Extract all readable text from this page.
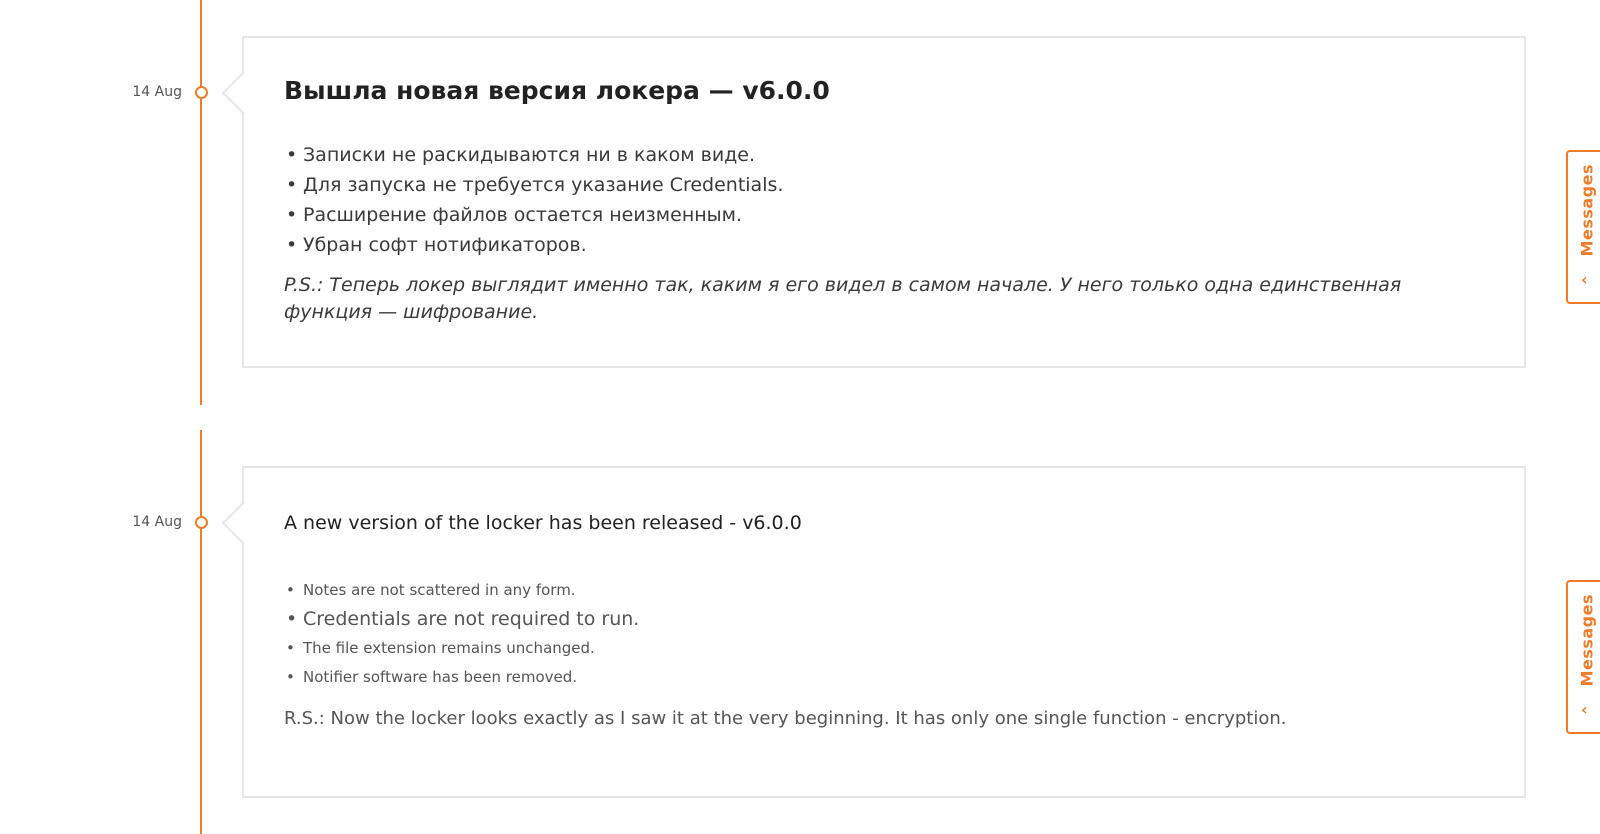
14 Aug	Вышла новая версия локера — v6.0.0
• Записки не раскидываются ни в каком виде.
• Для запуска не требуется указание Credentials.
• Расширение файлов остается неизменным.
• Убран софт нотификаторов.
P.S.: Теперь локер выглядит именно так, каким я его видел в самом начале. У него только одна единственная функция — шифрование.
14 Aug	A new version of the locker has been released - v6.0.0
• Notes are not scattered in any form.
• Credentials are not required to run.
• The file extension remains unchanged.
• Notifier software has been removed.
R.S.: Now the locker looks exactly as I saw it at the very beginning. It has only one single function - encryption.
Messages
‹
Messages
‹
